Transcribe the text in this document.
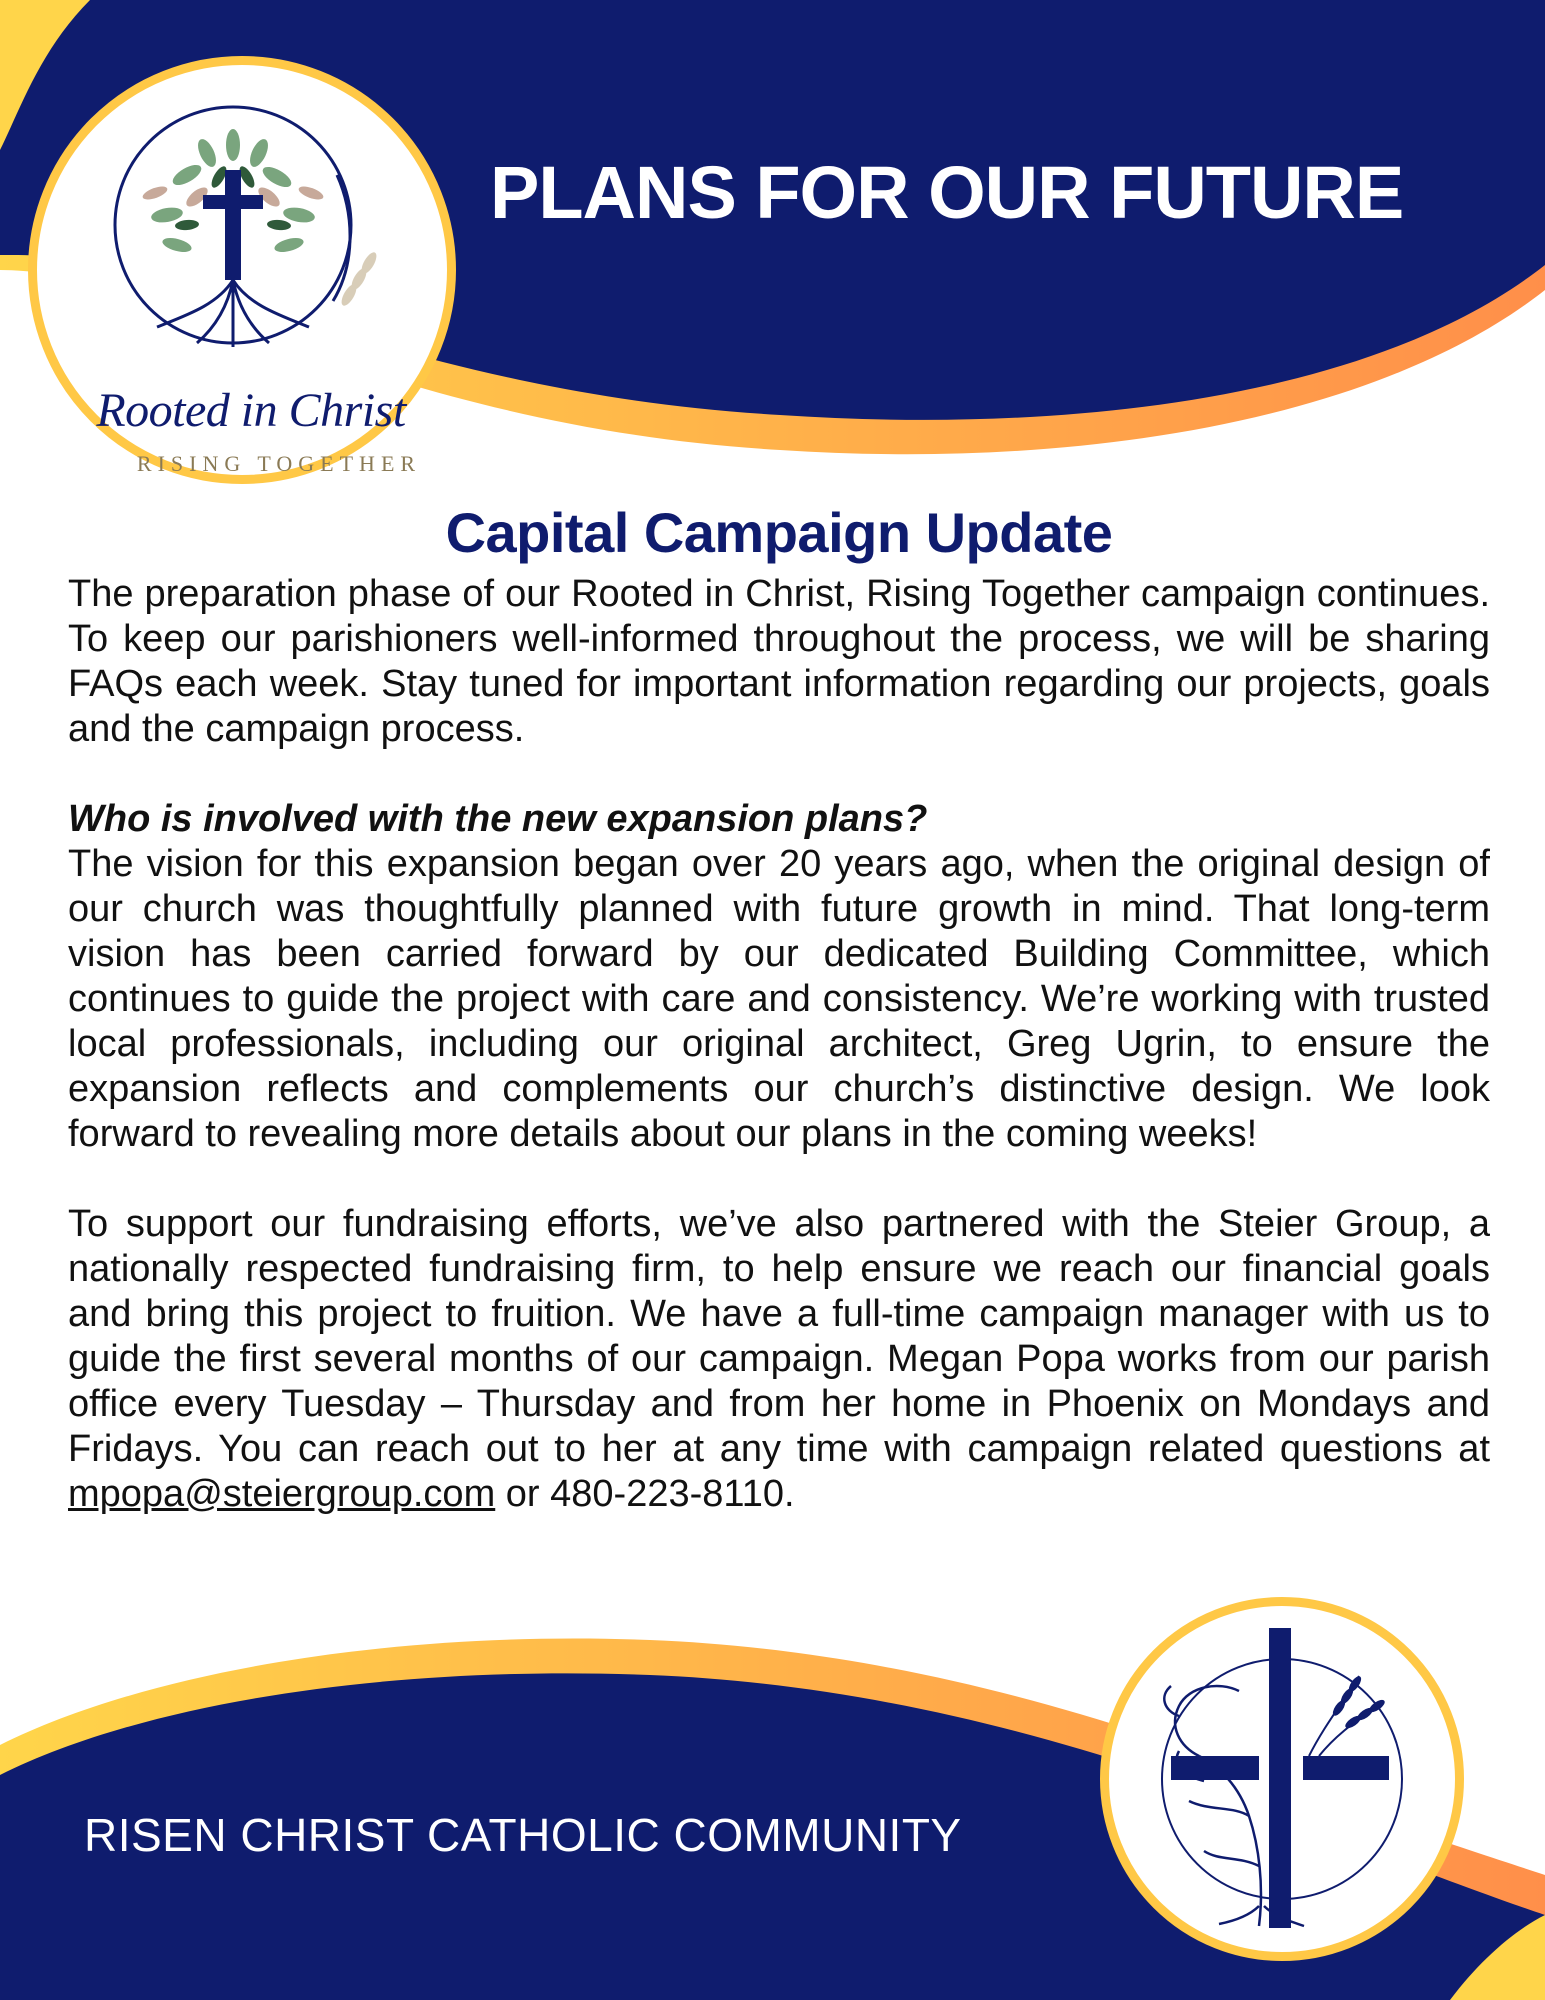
PLANS FOR OUR FUTURE
Rooted in Christ
RISING TOGETHER
Capital Campaign Update

The preparation phase of our Rooted in Christ, Rising Together campaign continues. To keep our parishioners well-informed throughout the process, we will be sharing FAQs each week. Stay tuned for important information regarding our projects, goals and the campaign process.

Who is involved with the new expansion plans?

The vision for this expansion began over 20 years ago, when the original design of our church was thoughtfully planned with future growth in mind. That long-term vision has been carried forward by our dedicated Building Committee, which continues to guide the project with care and consistency. We’re working with trusted local professionals, including our original architect, Greg Ugrin, to ensure the expansion reflects and complements our church’s distinctive design. We look forward to revealing more details about our plans in the coming weeks!

To support our fundraising efforts, we’ve also partnered with the Steier Group, a nationally respected fundraising firm, to help ensure we reach our financial goals and bring this project to fruition. We have a full-time campaign manager with us to guide the first several months of our campaign. Megan Popa works from our parish office every Tuesday – Thursday and from her home in Phoenix on Mondays and Fridays. You can reach out to her at any time with campaign related questions at mpopa@steiergroup.com or 480-223-8110.

RISEN CHRIST CATHOLIC COMMUNITY
